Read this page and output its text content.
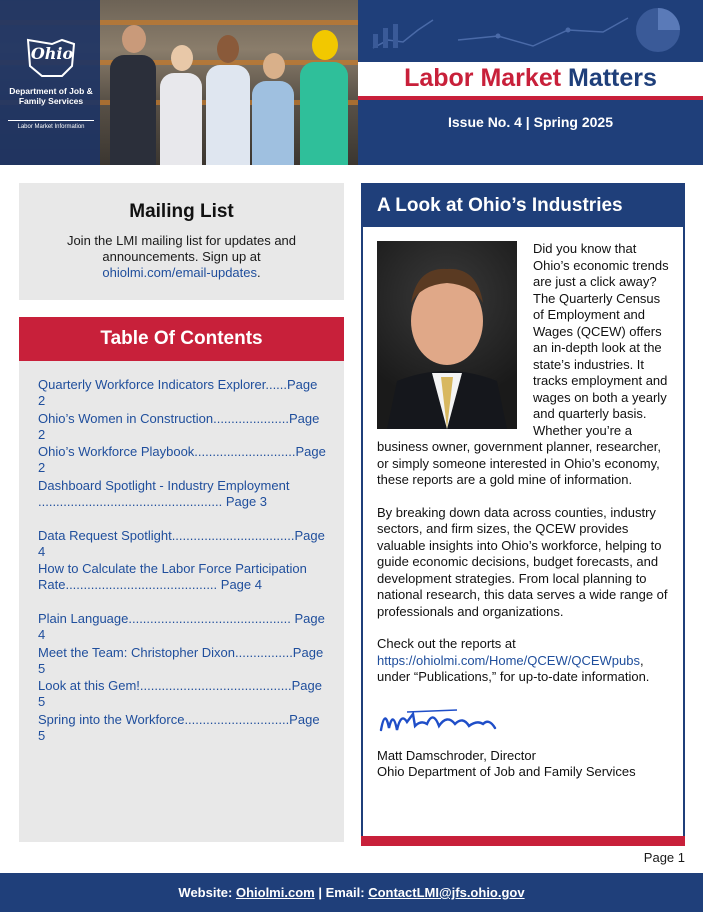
Ohio
Department of Job & Family Services
Labor Market Information
Labor Market Matters
Issue No. 4 | Spring 2025
Mailing List

Join the LMI mailing list for updates and announcements. Sign up at ohiolmi.com/email-updates.

Table Of Contents
Quarterly Workforce Indicators Explorer......Page 2
Ohio’s Women in Construction.....................Page 2
Ohio’s Workforce Playbook............................Page 2
Dashboard Spotlight - Industry Employment ................................................... Page 3
Data Request Spotlight..................................Page 4
How to Calculate the Labor Force Participation Rate.......................................... Page 4
Plain Language............................................. Page 4
Meet the Team: Christopher Dixon................Page 5
Look at this Gem!..........................................Page 5
Spring into the Workforce.............................Page 5
A Look at Ohio’s Industries

Did you know that Ohio’s economic trends are just a click away? The Quarterly Census of Employment and Wages (QCEW) offers an in-depth look at the state’s industries. It tracks employment and wages on both a yearly and quarterly basis. Whether you’re a business owner, government planner, researcher, or simply someone interested in Ohio’s economy, these reports are a gold mine of information.

By breaking down data across counties, industry sectors, and firm sizes, the QCEW provides valuable insights into Ohio’s workforce, helping to guide economic decisions, budget forecasts, and development strategies. From local planning to national research, this data serves a wide range of professionals and organizations.

Check out the reports at https://ohiolmi.com/Home/QCEW/QCEWpubs, under “Publications,” for up-to-date information.

Matt Damschroder, Director
Ohio Department of Job and Family Services
Page 1
Website: Ohiolmi.com | Email: ContactLMI@jfs.ohio.gov
